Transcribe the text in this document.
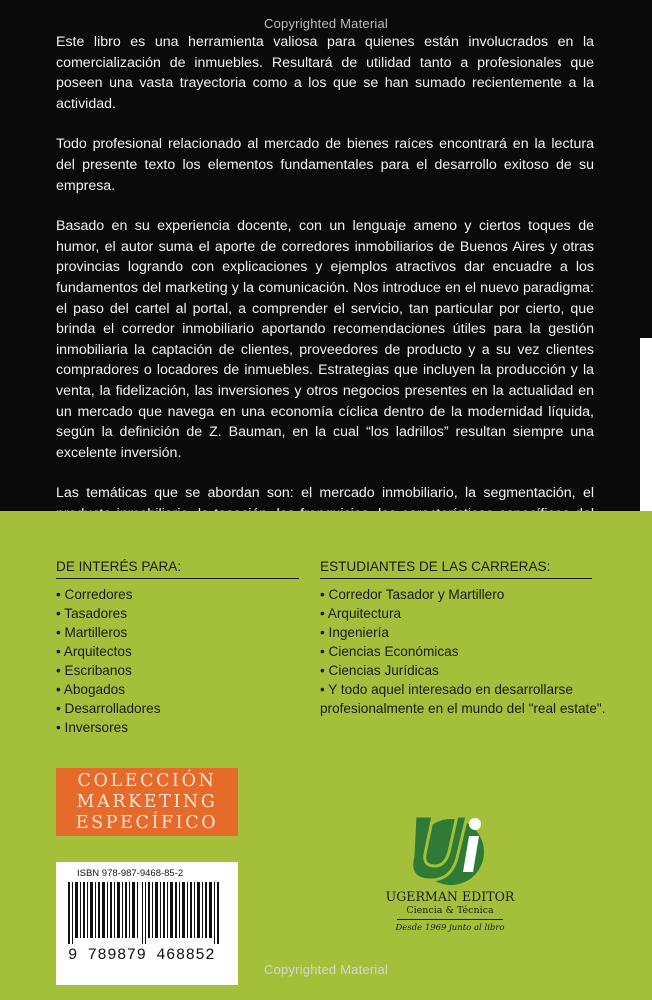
Copyrighted Material

Este libro es una herramienta valiosa para quienes están involucrados en la comercialización de inmuebles. Resultará de utilidad tanto a profesionales que poseen una vasta trayectoria como a los que se han sumado recientemente a la actividad.

Todo profesional relacionado al mercado de bienes raíces encontrará en la lectura del presente texto los elementos fundamentales para el desarrollo exitoso de su empresa.

Basado en su experiencia docente, con un lenguaje ameno y ciertos toques de humor, el autor suma el aporte de corredores inmobiliarios de Buenos Aires y otras provincias logrando con explicaciones y ejemplos atractivos dar encuadre a los fundamentos del marketing y la comunicación. Nos introduce en el nuevo paradigma: el paso del cartel al portal, a comprender el servicio, tan particular por cierto, que brinda el corredor inmobiliario aportando recomendaciones útiles para la gestión inmobiliaria la captación de clientes, proveedores de producto y a su vez clientes compradores o locadores de inmuebles. Estrategias que incluyen la producción y la venta, la fidelización, las inversiones y otros negocios presentes en la actualidad en un mercado que navega en una economía cíclica dentro de la modernidad líquida, según la definición de Z. Bauman, en la cual “los ladrillos” resultan siempre una excelente inversión.

Las temáticas que se abordan son: el mercado inmobiliario, la segmentación, el

DE INTERÉS PARA:
• Corredores
• Tasadores
• Martilleros
• Arquitectos
• Escribanos
• Abogados
• Desarrolladores
• Inversores
ESTUDIANTES DE LAS CARRERAS:
• Corredor Tasador y Martillero
• Arquitectura
• Ingeniería
• Ciencias Económicas
• Ciencias Jurídicas
• Y todo aquel interesado en desarrollarse
profesionalmente en el mundo del "real estate".
COLECCIÓN
MARKETING
ESPECÍFICO
ISBN 978-987-9468-85-2
9 789879 468852
UGERMAN EDITOR
Ciencia & Técnica
Desde 1969 junto al libro
Copyrighted Material
